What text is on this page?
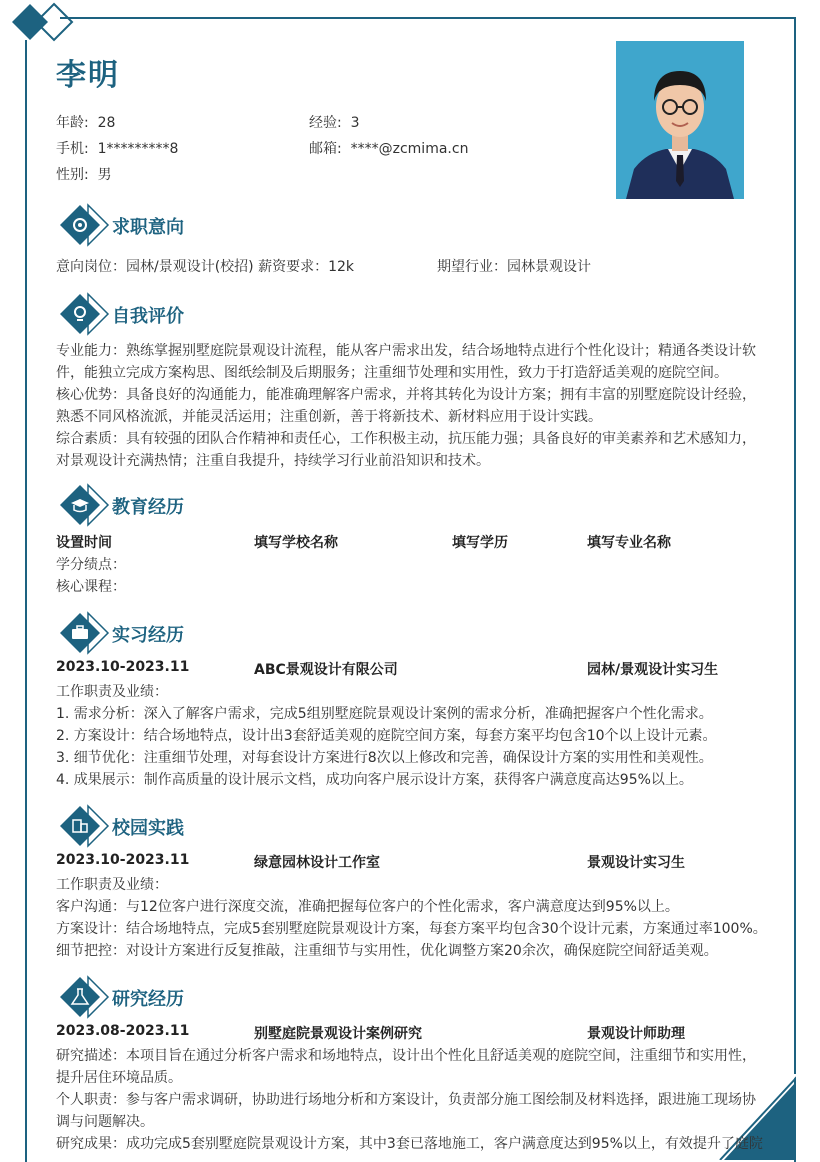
李明
年龄: 28	经验: 3
手机: 1*********8	邮箱: ****@zcmima.cn
性别: 男
求职意向
意向岗位：园林/景观设计(校招) 薪资要求：12k	期望行业：园林景观设计
自我评价
专业能力：熟练掌握别墅庭院景观设计流程，能从客户需求出发，结合场地特点进行个性化设计；精通各类设计软
件，能独立完成方案构思、图纸绘制及后期服务；注重细节处理和实用性，致力于打造舒适美观的庭院空间。
核心优势：具备良好的沟通能力，能准确理解客户需求，并将其转化为设计方案；拥有丰富的别墅庭院设计经验，
熟悉不同风格流派，并能灵活运用；注重创新，善于将新技术、新材料应用于设计实践。
综合素质：具有较强的团队合作精神和责任心，工作积极主动，抗压能力强；具备良好的审美素养和艺术感知力，
对景观设计充满热情；注重自我提升，持续学习行业前沿知识和技术。
教育经历
设置时间	填写学校名称	填写学历	填写专业名称
学分绩点：
核心课程：
实习经历
2023.10-2023.11	ABC景观设计有限公司	园林/景观设计实习生
工作职责及业绩：
1. 需求分析：深入了解客户需求，完成5组别墅庭院景观设计案例的需求分析，准确把握客户个性化需求。
2. 方案设计：结合场地特点，设计出3套舒适美观的庭院空间方案，每套方案平均包含10个以上设计元素。
3. 细节优化：注重细节处理，对每套设计方案进行8次以上修改和完善，确保设计方案的实用性和美观性。
4. 成果展示：制作高质量的设计展示文档，成功向客户展示设计方案，获得客户满意度高达95%以上。
校园实践
2023.10-2023.11	绿意园林设计工作室	景观设计实习生
工作职责及业绩：
客户沟通：与12位客户进行深度交流，准确把握每位客户的个性化需求，客户满意度达到95%以上。
方案设计：结合场地特点，完成5套别墅庭院景观设计方案，每套方案平均包含30个设计元素，方案通过率100%。
细节把控：对设计方案进行反复推敲，注重细节与实用性，优化调整方案20余次，确保庭院空间舒适美观。
研究经历
2023.08-2023.11	别墅庭院景观设计案例研究	景观设计师助理
研究描述：本项目旨在通过分析客户需求和场地特点，设计出个性化且舒适美观的庭院空间，注重细节和实用性，
提升居住环境品质。
个人职责：参与客户需求调研，协助进行场地分析和方案设计，负责部分施工图绘制及材料选择，跟进施工现场协
调与问题解决。
研究成果：成功完成5套别墅庭院景观设计方案，其中3套已落地施工，客户满意度达到95%以上，有效提升了庭院
